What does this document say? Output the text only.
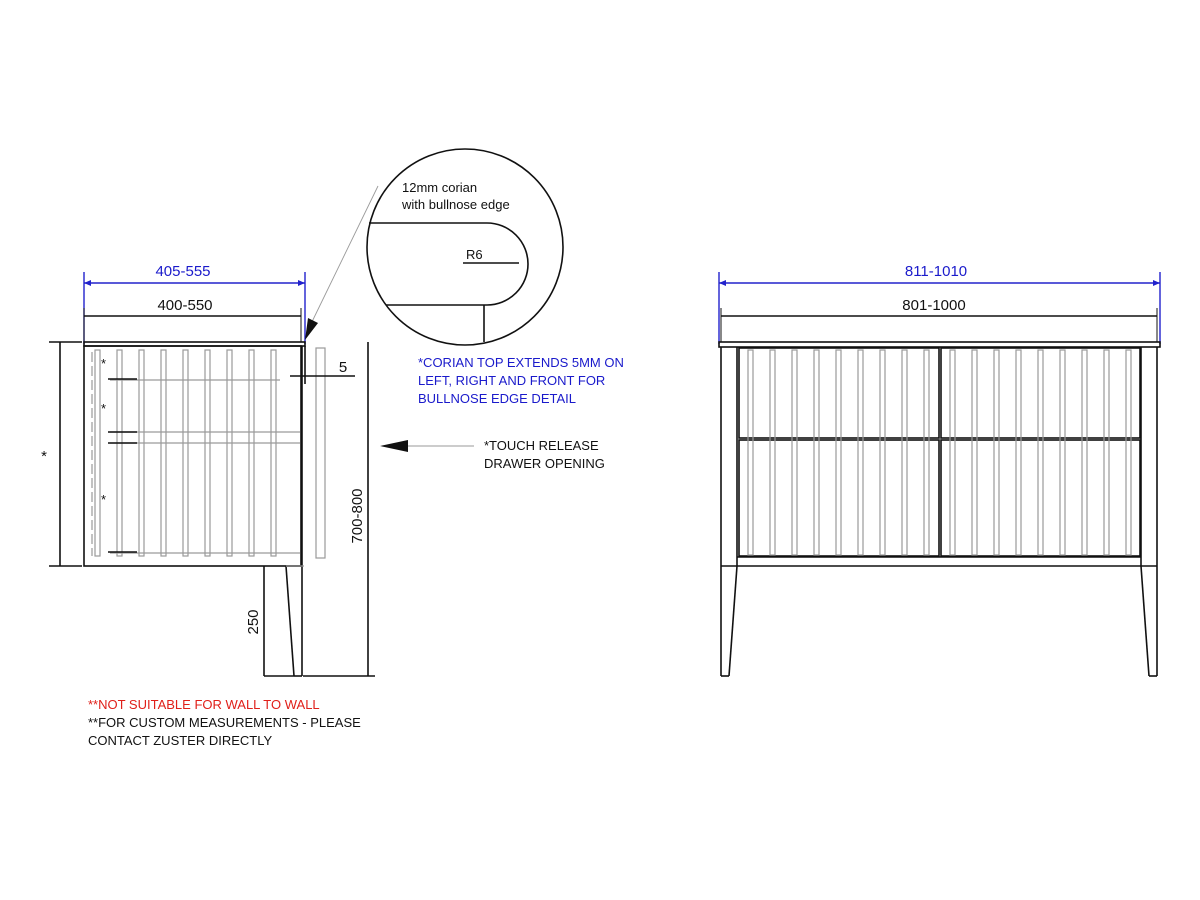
405-555
400-550
*
*
*
*
5
700-800
250
R6
12mm corian
with bullnose edge
*CORIAN TOP EXTENDS 5MM ON
LEFT, RIGHT AND FRONT FOR
BULLNOSE EDGE DETAIL
*TOUCH RELEASE
DRAWER OPENING
**NOT SUITABLE FOR WALL TO WALL
**FOR CUSTOM MEASUREMENTS - PLEASE
CONTACT ZUSTER DIRECTLY
811-1010
801-1000
